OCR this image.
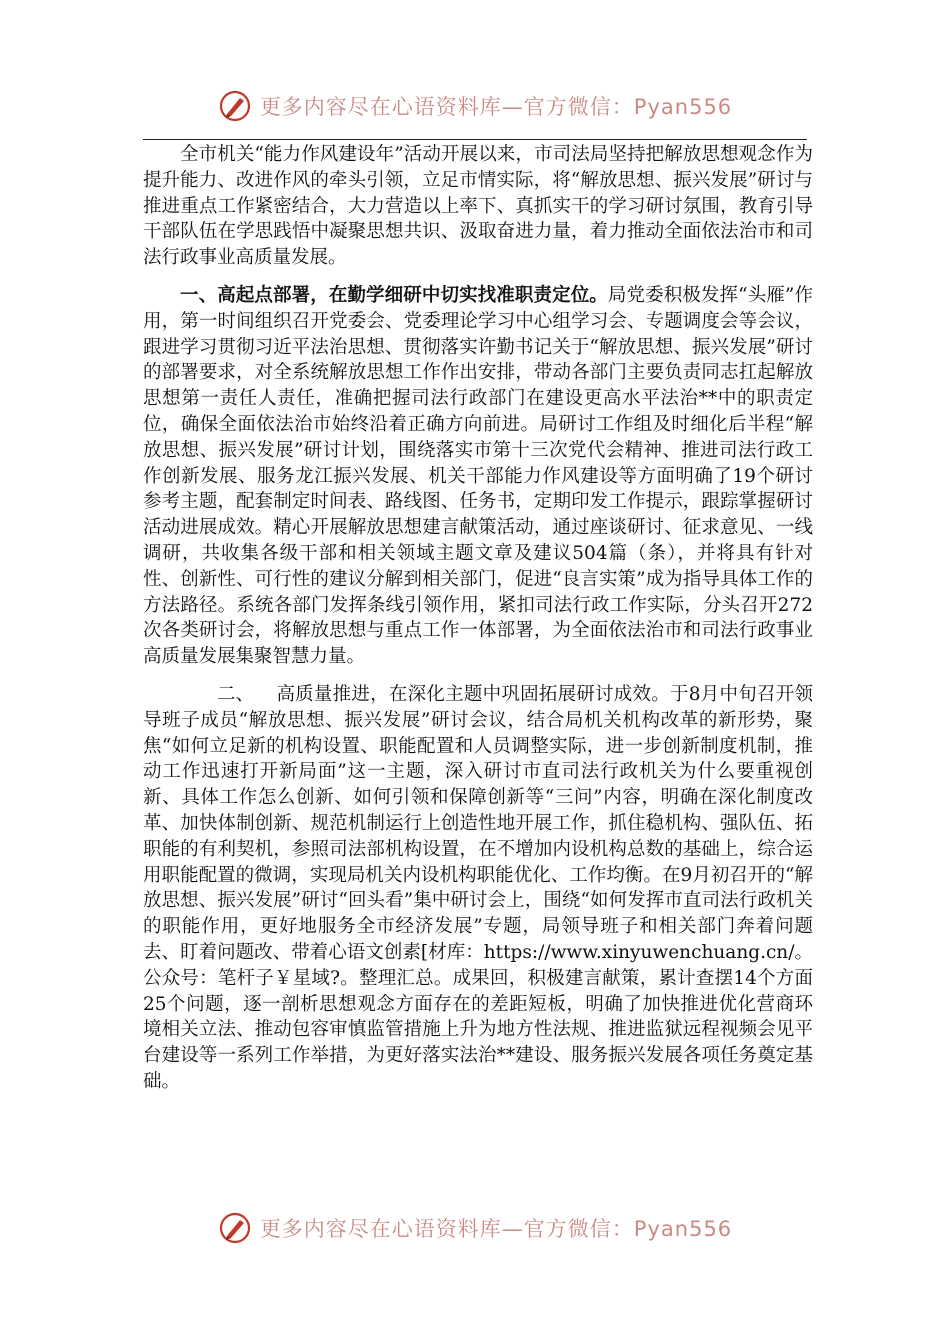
更多内容尽在心语资料库—官方微信：Pyan556

全市机关“能力作风建设年”活动开展以来，市司法局坚持把解放思想观念作为提升能力、改进作风的牵头引领，立足市情实际，将“解放思想、振兴发展”研讨与推进重点工作紧密结合，大力营造以上率下、真抓实干的学习研讨氛围，教育引导干部队伍在学思践悟中凝聚思想共识、汲取奋进力量，着力推动全面依法治市和司法行政事业高质量发展。

一、高起点部署，在勤学细研中切实找准职责定位。局党委积极发挥“头雁”作用，第一时间组织召开党委会、党委理论学习中心组学习会、专题调度会等会议，跟进学习贯彻习近平法治思想、贯彻落实许勤书记关于“解放思想、振兴发展”研讨的部署要求，对全系统解放思想工作作出安排，带动各部门主要负责同志扛起解放思想第一责任人责任，准确把握司法行政部门在建设更高水平法治**中的职责定位，确保全面依法治市始终沿着正确方向前进。局研讨工作组及时细化后半程“解放思想、振兴发展”研讨计划，围绕落实市第十三次党代会精神、推进司法行政工作创新发展、服务龙江振兴发展、机关干部能力作风建设等方面明确了19个研讨参考主题，配套制定时间表、路线图、任务书，定期印发工作提示，跟踪掌握研讨活动进展成效。精心开展解放思想建言献策活动，通过座谈研讨、征求意见、一线调研，共收集各级干部和相关领域主题文章及建议504篇（条），并将具有针对性、创新性、可行性的建议分解到相关部门，促进“良言实策”成为指导具体工作的方法路径。系统各部门发挥条线引领作用，紧扣司法行政工作实际，分头召开272次各类研讨会，将解放思想与重点工作一体部署，为全面依法治市和司法行政事业高质量发展集聚智慧力量。

二、 高质量推进，在深化主题中巩固拓展研讨成效。于8月中旬召开领导班子成员“解放思想、振兴发展”研讨会议，结合局机关机构改革的新形势，聚焦“如何立足新的机构设置、职能配置和人员调整实际，进一步创新制度机制，推动工作迅速打开新局面”这一主题，深入研讨市直司法行政机关为什么要重视创新、具体工作怎么创新、如何引领和保障创新等“三问”内容，明确在深化制度改革、加快体制创新、规范机制运行上创造性地开展工作，抓住稳机构、强队伍、拓职能的有利契机，参照司法部机构设置，在不增加内设机构总数的基础上，综合运用职能配置的微调，实现局机关内设机构职能优化、工作均衡。在9月初召开的“解放思想、振兴发展”研讨“回头看”集中研讨会上，围绕“如何发挥市直司法行政机关的职能作用，更好地服务全市经济发展”专题，局领导班子和相关部门奔着问题去、盯着问题改、带着心语文创素[材库：https://www.xinyuwenchuang.cn/。公众号：笔杆子￥星域?。整理汇总。成果回，积极建言献策，累计查摆14个方面25个问题，逐一剖析思想观念方面存在的差距短板，明确了加快推进优化营商环境相关立法、推动包容审慎监管措施上升为地方性法规、推进监狱远程视频会见平台建设等一系列工作举措，为更好落实法治**建设、服务振兴发展各项任务奠定基础。

更多内容尽在心语资料库—官方微信：Pyan556
